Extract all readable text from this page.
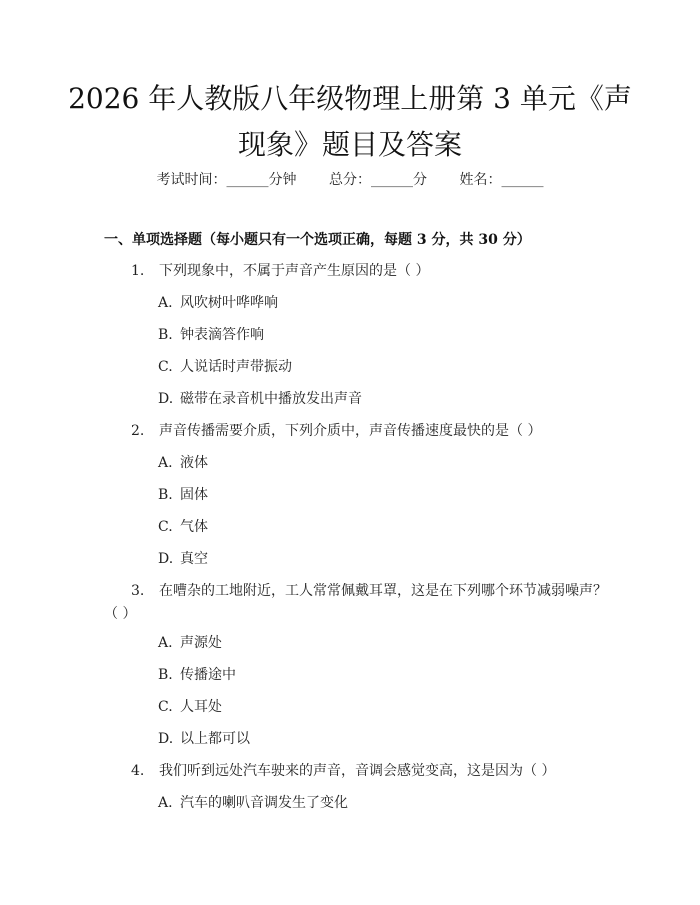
2026 年人教版八年级物理上册第 3 单元《声
现象》题目及答案
考试时间：______分钟 总分：______分 姓名：______
一、单项选择题（每小题只有一个选项正确，每题 3 分，共 30 分）
1. 下列现象中，不属于声音产生原因的是（ ）
A. 风吹树叶哗哗响
B. 钟表滴答作响
C. 人说话时声带振动
D. 磁带在录音机中播放发出声音
2. 声音传播需要介质，下列介质中，声音传播速度最快的是（ ）
A. 液体
B. 固体
C. 气体
D. 真空
3. 在嘈杂的工地附近，工人常常佩戴耳罩，这是在下列哪个环节减弱噪声？
（ ）
A. 声源处
B. 传播途中
C. 人耳处
D. 以上都可以
4. 我们听到远处汽车驶来的声音，音调会感觉变高，这是因为（ ）
A. 汽车的喇叭音调发生了变化
